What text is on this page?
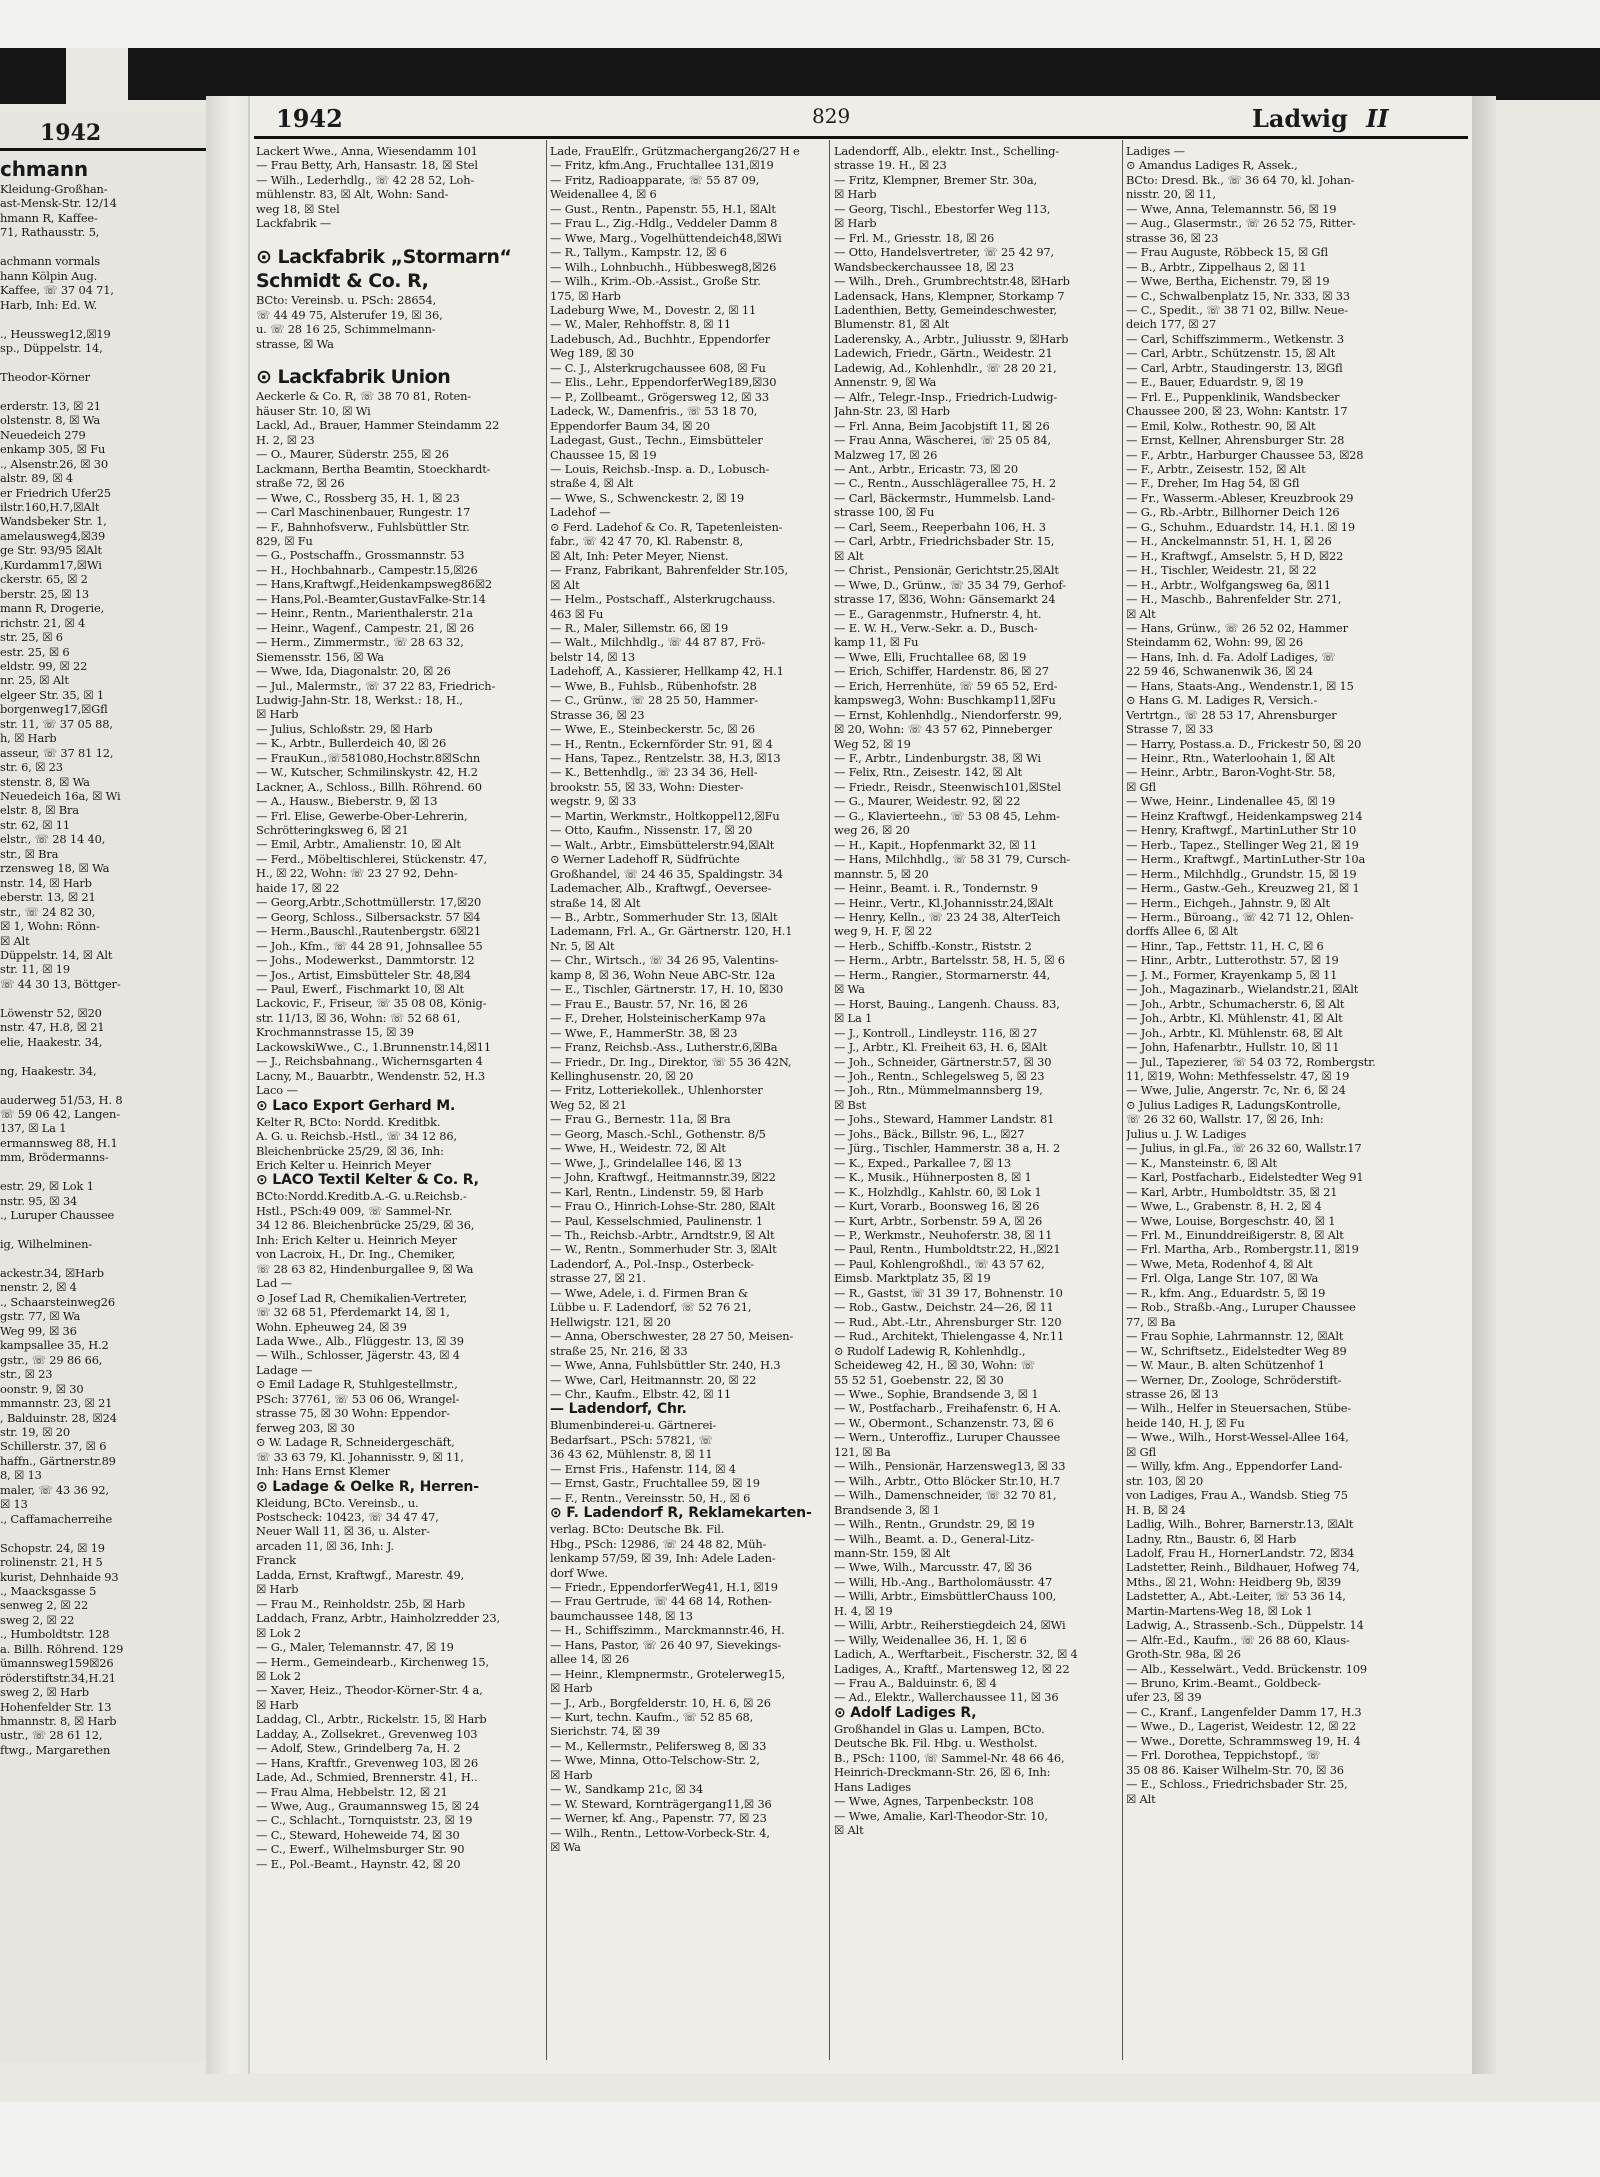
1942
chmann
Kleidung-Großhan-
ast-Mensk-Str. 12/14
hmann R, Kaffee-
71, Rathausstr. 5,

achmann vormals
hann Kölpin Aug.
Kaffee, ☏ 37 04 71,
Harb, Inh: Ed. W.

., Heussweg12,☒19
sp., Düppelstr. 14,

Theodor-Körner

erderstr. 13, ☒ 21
olstenstr. 8, ☒ Wa
Neuedeich 279
enkamp 305, ☒ Fu
., Alsenstr.26, ☒ 30
alstr. 89, ☒ 4
er Friedrich Ufer25
ilstr.160,H.7,☒Alt
Wandsbeker Str. 1,
amelausweg4,☒39
ge Str. 93/95 ☒Alt
,Kurdamm17,☒Wi
ckerstr. 65, ☒ 2
berstr. 25, ☒ 13
mann R, Drogerie,
richstr. 21, ☒ 4
str. 25, ☒ 6
estr. 25, ☒ 6
eldstr. 99, ☒ 22
nr. 25, ☒ Alt
elgeer Str. 35, ☒ 1
borgenweg17,☒Gfl
str. 11, ☏ 37 05 88,
h, ☒ Harb
asseur, ☏ 37 81 12,
str. 6, ☒ 23
stenstr. 8, ☒ Wa
Neuedeich 16a, ☒ Wi
elstr. 8, ☒ Bra
str. 62, ☒ 11
elstr., ☏ 28 14 40,
str., ☒ Bra
rzensweg 18, ☒ Wa
nstr. 14, ☒ Harb
eberstr. 13, ☒ 21
str., ☏ 24 82 30,
☒ 1, Wohn: Rönn-
☒ Alt
Düppelstr. 14, ☒ Alt
str. 11, ☒ 19
☏ 44 30 13, Böttger-

Löwenstr 52, ☒20
nstr. 47, H.8, ☒ 21
elie, Haakestr. 34,

ng, Haakestr. 34,

auderweg 51/53, H. 8
☏ 59 06 42, Langen-
137, ☒ La 1
ermannsweg 88, H.1
mm, Brödermanns-

estr. 29, ☒ Lok 1
nstr. 95, ☒ 34
., Luruper Chaussee

ig, Wilhelminen-

ackestr.34, ☒Harb
nenstr. 2, ☒ 4
., Schaarsteinweg26
gstr. 77, ☒ Wa
Weg 99, ☒ 36
kampsallee 35, H.2
gstr., ☏ 29 86 66,
str., ☒ 23
oonstr. 9, ☒ 30
mmannstr. 23, ☒ 21
, Balduinstr. 28, ☒24
str. 19, ☒ 20
Schillerstr. 37, ☒ 6
haffn., Gärtnerstr.89
8, ☒ 13
maler, ☏ 43 36 92,
☒ 13
., Caffamacherreihe

Schopstr. 24, ☒ 19
rolinenstr. 21, H 5
kurist, Dehnhaide 93
., Maacksgasse 5
senweg 2, ☒ 22
sweg 2, ☒ 22
., Humboldtstr. 128
a. Billh. Röhrend. 129
ümannsweg159☒26
röderstiftstr.34,H.21
sweg 2, ☒ Harb
Hohenfelder Str. 13
hmannstr. 8, ☒ Harb
ustr., ☏ 28 61 12,
ftwg., Margarethen
1942	829	Ladwig II
Lackert Wwe., Anna, Wiesendamm 101
— Frau Betty, Arh, Hansastr. 18, ☒ Stel
— Wilh., Lederhdlg., ☏ 42 28 52, Loh-
mühlenstr. 83, ☒ Alt, Wohn: Sand-
weg 18, ☒ Stel
Lackfabrik —

⊙ Lackfabrik „Stormarn“
Schmidt & Co. R,
BCto: Vereinsb. u. PSch: 28654,
☏ 44 49 75, Alsterufer 19, ☒ 36,
u. ☏ 28 16 25, Schimmelmann-
strasse, ☒ Wa

⊙ Lackfabrik Union
Aeckerle & Co. R, ☏ 38 70 81, Roten-
häuser Str. 10, ☒ Wi
Lackl, Ad., Brauer, Hammer Steindamm 22
H. 2, ☒ 23
— O., Maurer, Süderstr. 255, ☒ 26
Lackmann, Bertha Beamtin, Stoeckhardt-
straße 72, ☒ 26
— Wwe, C., Rossberg 35, H. 1, ☒ 23
— Carl Maschinenbauer, Rungestr. 17
— F., Bahnhofsverw., Fuhlsbüttler Str.
829, ☒ Fu
— G., Postschaffn., Grossmannstr. 53
— H., Hochbahnarb., Campestr.15,☒26
— Hans,Kraftwgf.,Heidenkampsweg86☒2
— Hans,Pol.-Beamter,GustavFalke-Str.14
— Heinr., Rentn., Marienthalerstr. 21a
— Heinr., Wagenf., Campestr. 21, ☒ 26
— Herm., Zimmermstr., ☏ 28 63 32,
Siemensstr. 156, ☒ Wa
— Wwe, Ida, Diagonalstr. 20, ☒ 26
— Jul., Malermstr., ☏ 37 22 83, Friedrich-
Ludwig-Jahn-Str. 18, Werkst.: 18, H.,
☒ Harb
— Julius, Schloßstr. 29, ☒ Harb
— K., Arbtr., Bullerdeich 40, ☒ 26
— FrauKun.,☏581080,Hochstr.8☒Schn
— W., Kutscher, Schmilinskystr. 42, H.2
Lackner, A., Schloss., Billh. Röhrend. 60
— A., Hausw., Bieberstr. 9, ☒ 13
— Frl. Elise, Gewerbe-Ober-Lehrerin,
Schrötteringksweg 6, ☒ 21
— Emil, Arbtr., Amalienstr. 10, ☒ Alt
— Ferd., Möbeltischlerei, Stückenstr. 47,
H., ☒ 22, Wohn: ☏ 23 27 92, Dehn-
haide 17, ☒ 22
— Georg,Arbtr.,Schottmüllerstr. 17,☒20
— Georg, Schloss., Silbersackstr. 57 ☒4
— Herm.,Bauschl.,Rautenbergstr. 6☒21
— Joh., Kfm., ☏ 44 28 91, Johnsallee 55
— Johs., Modewerkst., Dammtorstr. 12
— Jos., Artist, Eimsbütteler Str. 48,☒4
— Paul, Ewerf., Fischmarkt 10, ☒ Alt
Lackovic, F., Friseur, ☏ 35 08 08, König-
str. 11/13, ☒ 36, Wohn: ☏ 52 68 61,
Krochmannstrasse 15, ☒ 39
LackowskiWwe., C., 1.Brunnenstr.14,☒11
— J., Reichsbahnang., Wichernsgarten 4
Lacny, M., Bauarbtr., Wendenstr. 52, H.3
Laco —
⊙ Laco Export Gerhard M.
Kelter R, BCto: Nordd. Kreditbk.
A. G. u. Reichsb.-Hstl., ☏ 34 12 86,
Bleichenbrücke 25/29, ☒ 36, Inh:
Erich Kelter u. Heinrich Meyer
⊙ LACO Textil Kelter & Co. R,
BCto:Nordd.Kreditb.A.-G. u.Reichsb.-
Hstl., PSch:49 009, ☏ Sammel-Nr.
34 12 86. Bleichenbrücke 25/29, ☒ 36,
Inh: Erich Kelter u. Heinrich Meyer
von Lacroix, H., Dr. Ing., Chemiker,
☏ 28 63 82, Hindenburgallee 9, ☒ Wa
Lad —
⊙ Josef Lad R, Chemikalien-Vertreter,
☏ 32 68 51, Pferdemarkt 14, ☒ 1,
Wohn. Epheuweg 24, ☒ 39
Lada Wwe., Alb., Flüggestr. 13, ☒ 39
— Wilh., Schlosser, Jägerstr. 43, ☒ 4
Ladage —
⊙ Emil Ladage R, Stuhlgestellmstr.,
PSch: 37761, ☏ 53 06 06, Wrangel-
strasse 75, ☒ 30 Wohn: Eppendor-
ferweg 203, ☒ 30
⊙ W. Ladage R, Schneidergeschäft,
☏ 33 63 79, Kl. Johannisstr. 9, ☒ 11,
Inh: Hans Ernst Klemer
⊙ Ladage & Oelke R, Herren-
Kleidung, BCto. Vereinsb., u.
Postscheck: 10423, ☏ 34 47 47,
Neuer Wall 11, ☒ 36, u. Alster-
arcaden 11, ☒ 36, Inh: J.
Franck
Ladda, Ernst, Kraftwgf., Marestr. 49,
☒ Harb
— Frau M., Reinholdstr. 25b, ☒ Harb
Laddach, Franz, Arbtr., Hainholzredder 23,
☒ Lok 2
— G., Maler, Telemannstr. 47, ☒ 19
— Herm., Gemeindearb., Kirchenweg 15,
☒ Lok 2
— Xaver, Heiz., Theodor-Körner-Str. 4 a,
☒ Harb
Laddag, Cl., Arbtr., Rickelstr. 15, ☒ Harb
Ladday, A., Zollsekret., Grevenweg 103
— Adolf, Stew., Grindelberg 7a, H. 2
— Hans, Kraftfr., Grevenweg 103, ☒ 26
Lade, Ad., Schmied, Brennerstr. 41, H..
— Frau Alma, Hebbelstr. 12, ☒ 21
— Wwe, Aug., Graumannsweg 15, ☒ 24
— C., Schlacht., Tornquiststr. 23, ☒ 19
— C., Steward, Hoheweide 74, ☒ 30
— C., Ewerf., Wilhelmsburger Str. 90
— E., Pol.-Beamt., Haynstr. 42, ☒ 20
Lade, FrauElfr., Grützmachergang26/27 H e
— Fritz, kfm.Ang., Fruchtallee 131,☒19
— Fritz, Radioapparate, ☏ 55 87 09,
Weidenallee 4, ☒ 6
— Gust., Rentn., Papenstr. 55, H.1, ☒Alt
— Frau L., Zig.-Hdlg., Veddeler Damm 8
— Wwe, Marg., Vogelhüttendeich48,☒Wi
— R., Tallym., Kampstr. 12, ☒ 6
— Wilh., Lohnbuchh., Hübbesweg8,☒26
— Wilh., Krim.-Ob.-Assist., Große Str.
175, ☒ Harb
Ladeburg Wwe, M., Dovestr. 2, ☒ 11
— W., Maler, Rehhoffstr. 8, ☒ 11
Ladebusch, Ad., Buchhtr., Eppendorfer
Weg 189, ☒ 30
— C. J., Alsterkrugchaussee 608, ☒ Fu
— Elis., Lehr., EppendorferWeg189,☒30
— P., Zollbeamt., Grögersweg 12, ☒ 33
Ladeck, W., Damenfris., ☏ 53 18 70,
Eppendorfer Baum 34, ☒ 20
Ladegast, Gust., Techn., Eimsbütteler
Chaussee 15, ☒ 19
— Louis, Reichsb.-Insp. a. D., Lobusch-
straße 4, ☒ Alt
— Wwe, S., Schwenckestr. 2, ☒ 19
Ladehof —
⊙ Ferd. Ladehof & Co. R, Tapetenleisten-
fabr., ☏ 42 47 70, Kl. Rabenstr. 8,
☒ Alt, Inh: Peter Meyer, Nienst.
— Franz, Fabrikant, Bahrenfelder Str.105,
☒ Alt
— Helm., Postschaff., Alsterkrugchauss.
463 ☒ Fu
— R., Maler, Sillemstr. 66, ☒ 19
— Walt., Milchhdlg., ☏ 44 87 87, Frö-
belstr 14, ☒ 13
Ladehoff, A., Kassierer, Hellkamp 42, H.1
— Wwe, B., Fuhlsb., Rübenhofstr. 28
— C., Grünw., ☏ 28 25 50, Hammer-
Strasse 36, ☒ 23
— Wwe, E., Steinbeckerstr. 5c, ☒ 26
— H., Rentn., Eckernförder Str. 91, ☒ 4
— Hans, Tapez., Rentzelstr. 38, H.3, ☒13
— K., Bettenhdlg., ☏ 23 34 36, Hell-
brookstr. 55, ☒ 33, Wohn: Diester-
wegstr. 9, ☒ 33
— Martin, Werkmstr., Holtkoppel12,☒Fu
— Otto, Kaufm., Nissenstr. 17, ☒ 20
— Walt., Arbtr., Eimsbüttelerstr.94,☒Alt
⊙ Werner Ladehoff R, Südfrüchte
Großhandel, ☏ 24 46 35, Spaldingstr. 34
Lademacher, Alb., Kraftwgf., Oeverseе-
straße 14, ☒ Alt
— B., Arbtr., Sommerhuder Str. 13, ☒Alt
Lademann, Frl. A., Gr. Gärtnerstr. 120, H.1
Nr. 5, ☒ Alt
— Chr., Wirtsch., ☏ 34 26 95, Valentins-
kamp 8, ☒ 36, Wohn Neue ABC-Str. 12a
— E., Tischler, Gärtnerstr. 17, H. 10, ☒30
— Frau E., Baustr. 57, Nr. 16, ☒ 26
— F., Dreher, HolsteinischerKamp 97a
— Wwe, F., HammerStr. 38, ☒ 23
— Franz, Reichsb.-Ass., Lutherstr.6,☒Ba
— Friedr., Dr. Ing., Direktor, ☏ 55 36 42N,
Kellinghusenstr. 20, ☒ 20
— Fritz, Lotteriekollek., Uhlenhorster
Weg 52, ☒ 21
— Frau G., Bernestr. 11a, ☒ Bra
— Georg, Masch.-Schl., Gothenstr. 8/5
— Wwe, H., Weidestr. 72, ☒ Alt
— Wwe, J., Grindelallee 146, ☒ 13
— John, Kraftwgf., Heitmannstr.39, ☒22
— Karl, Rentn., Lindenstr. 59, ☒ Harb
— Frau O., Hinrich-Lohse-Str. 280, ☒Alt
— Paul, Kesselschmied, Paulinenstr. 1
— Th., Reichsb.-Arbtr., Arndtstr.9, ☒ Alt
— W., Rentn., Sommerhuder Str. 3, ☒Alt
Ladendorf, A., Pol.-Insp., Osterbeck-
strasse 27, ☒ 21.
— Wwe, Adele, i. d. Firmen Bran &
Lübbe u. F. Ladendorf, ☏ 52 76 21,
Hellwigstr. 121, ☒ 20
— Anna, Oberschwester, 28 27 50, Meisen-
straße 25, Nr. 216, ☒ 33
— Wwe, Anna, Fuhlsbüttler Str. 240, H.3
— Wwe, Carl, Heitmannstr. 20, ☒ 22
— Chr., Kaufm., Elbstr. 42, ☒ 11
— Ladendorf, Chr.
Blumenbinderei-u. Gärtnerei-
Bedarfsart., PSch: 57821, ☏
36 43 62, Mühlenstr. 8, ☒ 11
— Ernst Fris., Hafenstr. 114, ☒ 4
— Ernst, Gastr., Fruchtallee 59, ☒ 19
— F., Rentn., Vereinsstr. 50, H., ☒ 6
⊙ F. Ladendorf R, Reklamekarten-
verlag. BCto: Deutsche Bk. Fil.
Hbg., PSch: 12986, ☏ 24 48 82, Müh-
lenkamp 57/59, ☒ 39, Inh: Adele Laden-
dorf Wwe.
— Friedr., EppendorferWeg41, H.1, ☒19
— Frau Gertrude, ☏ 44 68 14, Rothen-
baumchaussee 148, ☒ 13
— H., Schiffszimm., Marckmannstr.46, H.
— Hans, Pastor, ☏ 26 40 97, Sievekings-
allee 14, ☒ 26
— Heinr., Klempnermstr., Grotelerweg15,
☒ Harb
— J., Arb., Borgfelderstr. 10, H. 6, ☒ 26
— Kurt, techn. Kaufm., ☏ 52 85 68,
Sierichstr. 74, ☒ 39
— M., Kellermstr., Pelifersweg 8, ☒ 33
— Wwe, Minna, Otto-Telschow-Str. 2,
☒ Harb
— W., Sandkamp 21c, ☒ 34
— W. Steward, Kornträgergang11,☒ 36
— Werner, kf. Ang., Papenstr. 77, ☒ 23
— Wilh., Rentn., Lettow-Vorbeck-Str. 4,
☒ Wa
Ladendorff, Alb., elektr. Inst., Schelling-
strasse 19. H., ☒ 23
— Fritz, Klempner, Bremer Str. 30a,
☒ Harb
— Georg, Tischl., Ebestorfer Weg 113,
☒ Harb
— Frl. M., Griesstr. 18, ☒ 26
— Otto, Handelsvertreter, ☏ 25 42 97,
Wandsbeckerchaussee 18, ☒ 23
— Wilh., Dreh., Grumbrechtstr.48, ☒Harb
Ladensack, Hans, Klempner, Storkamp 7
Ladenthien, Betty, Gemeindeschwester,
Blumenstr. 81, ☒ Alt
Laderensky, A., Arbtr., Juliusstr. 9, ☒Harb
Ladewich, Friedr., Gärtn., Weidestr. 21
Ladewig, Ad., Kohlenhdlr., ☏ 28 20 21,
Annenstr. 9, ☒ Wa
— Alfr., Telegr.-Insp., Friedrich-Ludwig-
Jahn-Str. 23, ☒ Harb
— Frl. Anna, Beim Jacobjstift 11, ☒ 26
— Frau Anna, Wäscherei, ☏ 25 05 84,
Malzweg 17, ☒ 26
— Ant., Arbtr., Ericastr. 73, ☒ 20
— C., Rentn., Ausschlägerallee 75, H. 2
— Carl, Bäckermstr., Hummelsb. Land-
strasse 100, ☒ Fu
— Carl, Seem., Reeperbahn 106, H. 3
— Carl, Arbtr., Friedrichsbader Str. 15,
☒ Alt
— Christ., Pensionär, Gerichtstr.25,☒Alt
— Wwe, D., Grünw., ☏ 35 34 79, Gerhof-
strasse 17, ☒36, Wohn: Gänsemarkt 24
— E., Garagenmstr., Hufnerstr. 4, ht.
— E. W. H., Verw.-Sekr. a. D., Busch-
kamp 11, ☒ Fu
— Wwe, Elli, Fruchtallee 68, ☒ 19
— Erich, Schiffer, Hardenstr. 86, ☒ 27
— Erich, Herrenhüte, ☏ 59 65 52, Erd-
kampsweg3, Wohn: Buschkamp11,☒Fu
— Ernst, Kohlenhdlg., Niendorferstr. 99,
☒ 20, Wohn: ☏ 43 57 62, Pinneberger
Weg 52, ☒ 19
— F., Arbtr., Lindenburgstr. 38, ☒ Wi
— Felix, Rtn., Zeisestr. 142, ☒ Alt
— Friedr., Reisdr., Steenwisch101,☒Stel
— G., Maurer, Weidestr. 92, ☒ 22
— G., Klavierteehn., ☏ 53 08 45, Lehm-
weg 26, ☒ 20
— H., Kapit., Hopfenmarkt 32, ☒ 11
— Hans, Milchhdlg., ☏ 58 31 79, Cursch-
mannstr. 5, ☒ 20
— Heinr., Beamt. i. R., Tondernstr. 9
— Heinr., Vertr., Kl.Johannisstr.24,☒Alt
— Henry, Kelln., ☏ 23 24 38, AlterTeich
weg 9, H. F, ☒ 22
— Herb., Schiffb.-Konstr., Riststr. 2
— Herm., Arbtr., Bartelsstr. 58, H. 5, ☒ 6
— Herm., Rangier., Stormarnerstr. 44,
☒ Wa
— Horst, Bauing., Langenh. Chauss. 83,
☒ La 1
— J., Kontroll., Lindleystr. 116, ☒ 27
— J., Arbtr., Kl. Freiheit 63, H. 6, ☒Alt
— Joh., Schneider, Gärtnerstr.57, ☒ 30
— Joh., Rentn., Schlegelsweg 5, ☒ 23
— Joh., Rtn., Mümmelmannsberg 19,
☒ Bst
— Johs., Steward, Hammer Landstr. 81
— Johs., Bäck., Billstr. 96, L., ☒27
— Jürg., Tischler, Hammerstr. 38 a, H. 2
— K., Exped., Parkallee 7, ☒ 13
— K., Musik., Hühnerposten 8, ☒ 1
— K., Holzhdlg., Kahlstr. 60, ☒ Lok 1
— Kurt, Vorarb., Boonsweg 16, ☒ 26
— Kurt, Arbtr., Sorbenstr. 59 A, ☒ 26
— P., Werkmstr., Neuhoferstr. 38, ☒ 11
— Paul, Rentn., Humboldtstr.22, H.,☒21
— Paul, Kohlengroßhdl., ☏ 43 57 62,
Eimsb. Marktplatz 35, ☒ 19
— R., Gastst, ☏ 31 39 17, Bohnenstr. 10
— Rob., Gastw., Deichstr. 24—26, ☒ 11
— Rud., Abt.-Ltr., Ahrensburger Str. 120
— Rud., Architekt, Thielengasse 4, Nr.11
⊙ Rudolf Ladewig R, Kohlenhdlg.,
Scheideweg 42, H., ☒ 30, Wohn: ☏
55 52 51, Goebenstr. 22, ☒ 30
— Wwe., Sophie, Brandsende 3, ☒ 1
— W., Postfacharb., Freihafenstr. 6, H A.
— W., Obermont., Schanzenstr. 73, ☒ 6
— Wern., Unteroffiz., Luruper Chaussee
121, ☒ Ba
— Wilh., Pensionär, Harzensweg13, ☒ 33
— Wilh., Arbtr., Otto Blöcker Str.10, H.7
— Wilh., Damenschneider, ☏ 32 70 81,
Brandsende 3, ☒ 1
— Wilh., Rentn., Grundstr. 29, ☒ 19
— Wilh., Beamt. a. D., General-Litz-
mann-Str. 159, ☒ Alt
— Wwe, Wilh., Marcusstr. 47, ☒ 36
— Willi, Hb.-Ang., Bartholomäusstr. 47
— Willi, Arbtr., EimsbüttlerChauss 100,
H. 4, ☒ 19
— Willi, Arbtr., Reiherstiegdeich 24, ☒Wi
— Willy, Weidenallee 36, H. 1, ☒ 6
Ladich, A., Werftarbeit., Fischerstr. 32, ☒ 4
Ladiges, A., Kraftf., Martensweg 12, ☒ 22
— Frau A., Balduinstr. 6, ☒ 4
— Ad., Elektr., Wallerchaussee 11, ☒ 36
⊙ Adolf Ladiges R,
Großhandel in Glas u. Lampen, BCto.
Deutsche Bk. Fil. Hbg. u. Westholst.
B., PSch: 1100, ☏ Sammel-Nr. 48 66 46,
Heinrich-Dreckmann-Str. 26, ☒ 6, Inh:
Hans Ladiges
— Wwe, Agnes, Tarpenbeckstr. 108
— Wwe, Amalie, Karl-Theodor-Str. 10,
☒ Alt
Ladiges —
⊙ Amandus Ladiges R, Assek.,
BCto: Dresd. Bk., ☏ 36 64 70, kl. Johan-
nisstr. 20, ☒ 11,
— Wwe, Anna, Telemannstr. 56, ☒ 19
— Aug., Glasermstr., ☏ 26 52 75, Ritter-
strasse 36, ☒ 23
— Frau Auguste, Röbbeck 15, ☒ Gfl
— B., Arbtr., Zippelhaus 2, ☒ 11
— Wwe, Bertha, Eichenstr. 79, ☒ 19
— C., Schwalbenplatz 15, Nr. 333, ☒ 33
— C., Spedit., ☏ 38 71 02, Billw. Neue-
deich 177, ☒ 27
— Carl, Schiffszimmerm., Wetkenstr. 3
— Carl, Arbtr., Schützenstr. 15, ☒ Alt
— Carl, Arbtr., Staudingerstr. 13, ☒Gfl
— E., Bauer, Eduardstr. 9, ☒ 19
— Frl. E., Puppenklinik, Wandsbecker
Chaussee 200, ☒ 23, Wohn: Kantstr. 17
— Emil, Kolw., Rothestr. 90, ☒ Alt
— Ernst, Kellner, Ahrensburger Str. 28
— F., Arbtr., Harburger Chaussee 53, ☒28
— F., Arbtr., Zeisestr. 152, ☒ Alt
— F., Dreher, Im Hag 54, ☒ Gfl
— Fr., Wasserm.-Ableser, Kreuzbrook 29
— G., Rb.-Arbtr., Billhorner Deich 126
— G., Schuhm., Eduardstr. 14, H.1. ☒ 19
— H., Anckelmannstr. 51, H. 1, ☒ 26
— H., Kraftwgf., Amselstr. 5, H D, ☒22
— H., Tischler, Weidestr. 21, ☒ 22
— H., Arbtr., Wolfgangsweg 6a, ☒11
— H., Maschb., Bahrenfelder Str. 271,
☒ Alt
— Hans, Grünw., ☏ 26 52 02, Hammer
Steindamm 62, Wohn: 99, ☒ 26
— Hans, Inh. d. Fa. Adolf Ladiges, ☏
22 59 46, Schwanenwik 36, ☒ 24
— Hans, Staats-Ang., Wendenstr.1, ☒ 15
⊙ Hans G. M. Ladiges R, Versich.-
Vertrtgn., ☏ 28 53 17, Ahrensburger
Strasse 7, ☒ 33
— Harry, Postass.a. D., Frickestr 50, ☒ 20
— Heinr., Rtn., Waterloohain 1, ☒ Alt
— Heinr., Arbtr., Baron-Voght-Str. 58,
☒ Gfl
— Wwe, Heinr., Lindenallee 45, ☒ 19
— Heinz Kraftwgf., Heidenkampsweg 214
— Henry, Kraftwgf., MartinLuther Str 10
— Herb., Tapez., Stellinger Weg 21, ☒ 19
— Herm., Kraftwgf., MartinLuther-Str 10a
— Herm., Milchhdlg., Grundstr. 15, ☒ 19
— Herm., Gastw.-Geh., Kreuzweg 21, ☒ 1
— Herm., Eichgeh., Jahnstr. 9, ☒ Alt
— Herm., Bürоang., ☏ 42 71 12, Ohlen-
dorffs Allee 6, ☒ Alt
— Hinr., Tap., Fettstr. 11, H. C, ☒ 6
— Hinr., Arbtr., Lutterothstr. 57, ☒ 19
— J. M., Former, Krayenkamp 5, ☒ 11
— Joh., Magazinarb., Wielandstr.21, ☒Alt
— Joh., Arbtr., Schumacherstr. 6, ☒ Alt
— Joh., Arbtr., Kl. Mühlenstr. 41, ☒ Alt
— Joh., Arbtr., Kl. Mühlenstr. 68, ☒ Alt
— John, Hafenarbtr., Hullstr. 10, ☒ 11
— Jul., Tapezierer, ☏ 54 03 72, Rombergstr.
11, ☒19, Wohn: Methfesselstr. 47, ☒ 19
— Wwe, Julie, Angerstr. 7c, Nr. 6, ☒ 24
⊙ Julius Ladiges R, LadungsKontrolle,
☏ 26 32 60, Wallstr. 17, ☒ 26, Inh:
Julius u. J. W. Ladiges
— Julius, in gl.Fa., ☏ 26 32 60, Wallstr.17
— K., Mansteinstr. 6, ☒ Alt
— Karl, Postfacharb., Eidelstedter Weg 91
— Karl, Arbtr., Humboldtstr. 35, ☒ 21
— Wwe, L., Grabenstr. 8, H. 2, ☒ 4
— Wwe, Louise, Borgeschstr. 40, ☒ 1
— Frl. M., Einunddreißigerstr. 8, ☒ Alt
— Frl. Martha, Arb., Rombergstr.11, ☒19
— Wwe, Meta, Rodenhof 4, ☒ Alt
— Frl. Olga, Lange Str. 107, ☒ Wa
— R., kfm. Ang., Eduardstr. 5, ☒ 19
— Rob., Straßb.-Ang., Luruper Chaussee
77, ☒ Ba
— Frau Sophie, Lahrmannstr. 12, ☒Alt
— W., Schriftsetz., Eidelstedter Weg 89
— W. Maur., B. alten Schützenhof 1
— Werner, Dr., Zoologe, Schröderstift-
strasse 26, ☒ 13
— Wilh., Helfer in Steuersachen, Stübe-
heide 140, H. J, ☒ Fu
— Wwe., Wilh., Horst-Wessel-Allee 164,
☒ Gfl
— Willy, kfm. Ang., Eppendorfer Land-
str. 103, ☒ 20
von Ladiges, Frau A., Wandsb. Stieg 75
H. B, ☒ 24
Ladlig, Wilh., Bohrer, Barnerstr.13, ☒Alt
Ladny, Rtn., Baustr. 6, ☒ Harb
Ladolf, Frau H., HornerLandstr. 72, ☒34
Ladstetter, Reinh., Bildhauer, Hofweg 74,
Mths., ☒ 21, Wohn: Heidberg 9b, ☒39
Ladstetter, A., Abt.-Leiter, ☏ 53 36 14,
Martin-Martens-Weg 18, ☒ Lok 1
Ladwig, A., Strassenb.-Sch., Düppelstr. 14
— Alfr.-Ed., Kaufm., ☏ 26 88 60, Klaus-
Groth-Str. 98a, ☒ 26
— Alb., Kesselwärt., Vedd. Brückenstr. 109
— Bruno, Krim.-Beamt., Goldbeck-
ufer 23, ☒ 39
— C., Kranf., Langenfelder Damm 17, H.3
— Wwe., D., Lagerist, Weidestr. 12, ☒ 22
— Wwe., Dorette, Schrammsweg 19, H. 4
— Frl. Dorothea, Teppichstopf., ☏
35 08 86. Kaiser Wilhelm-Str. 70, ☒ 36
— E., Schloss., Friedrichsbader Str. 25,
☒ Alt
